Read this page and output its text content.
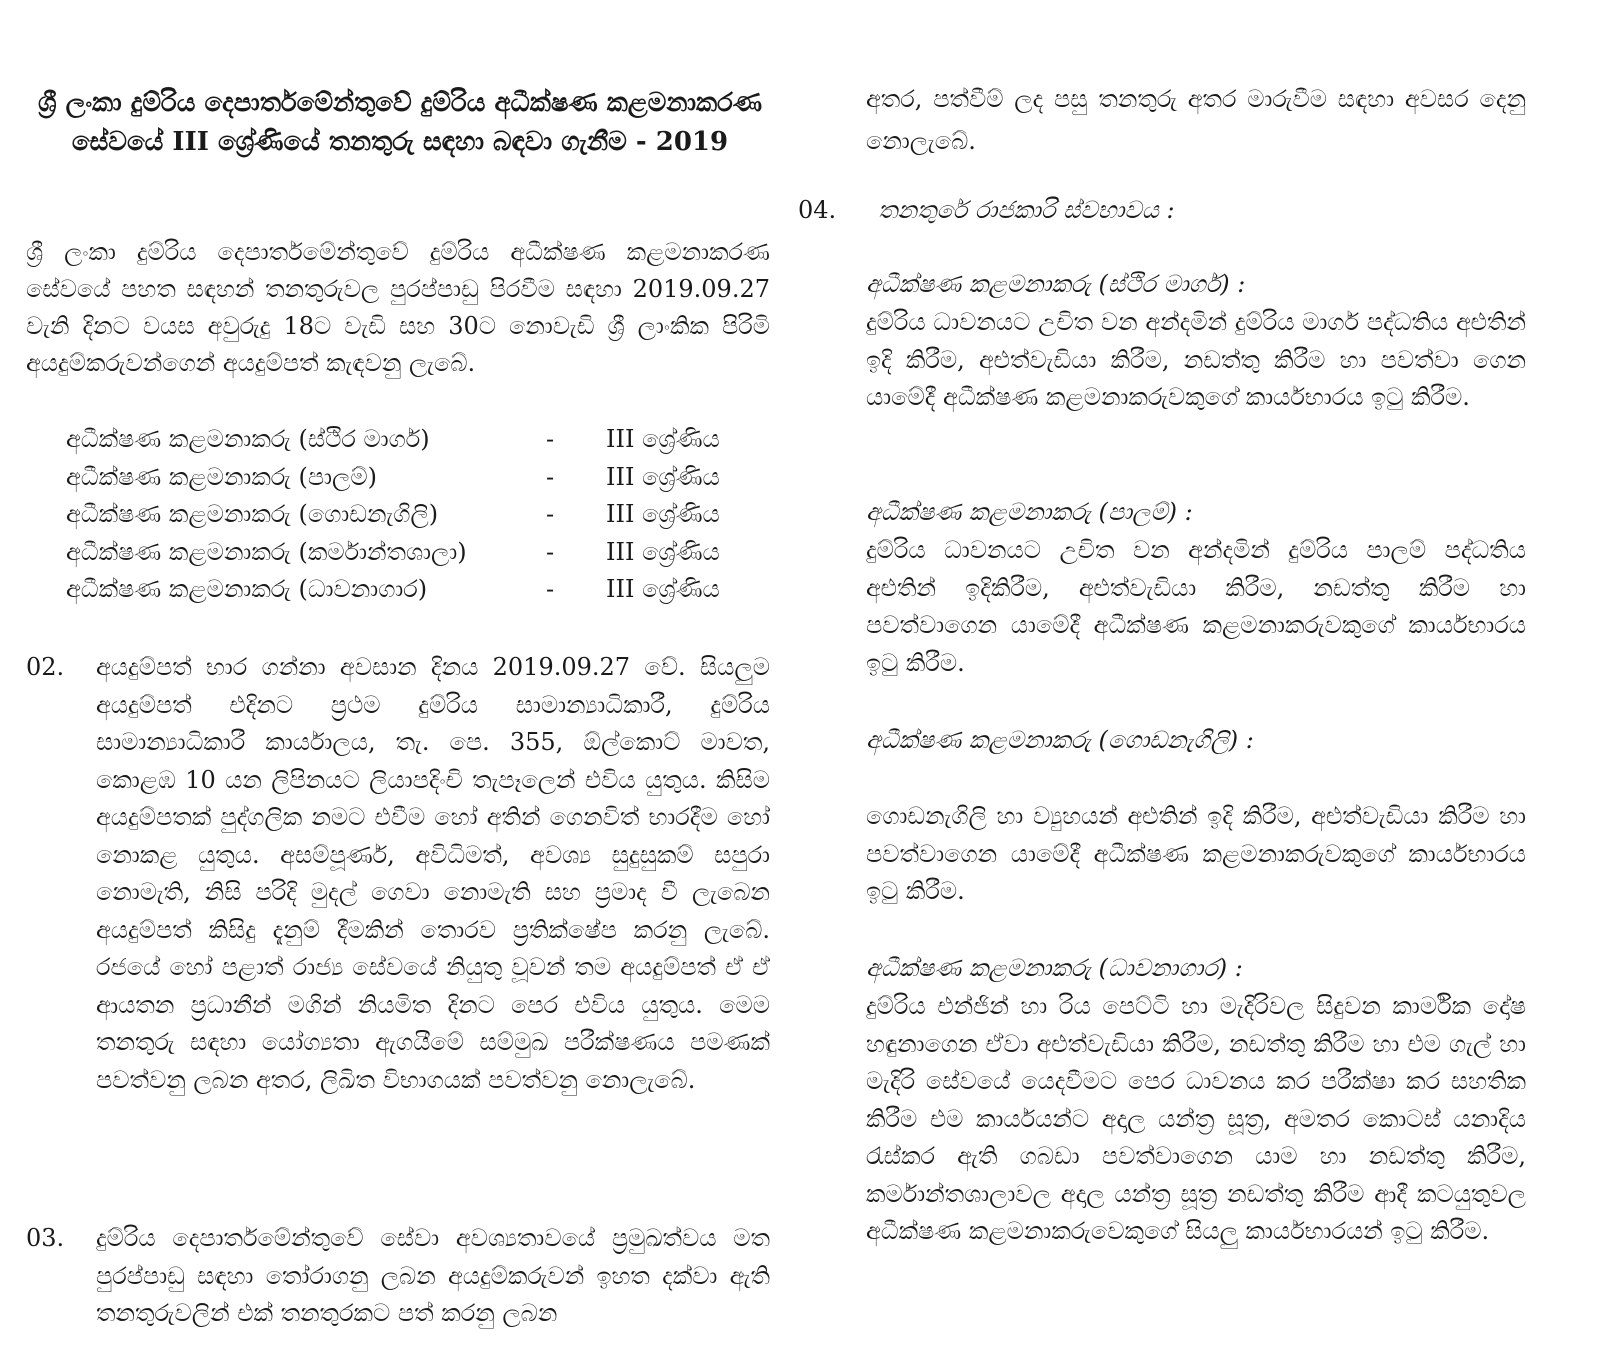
ශ්‍රී ලංකා දුම්රිය දෙපාර්තමේන්තුවේ දුම්රිය අධීක්ෂණ කළමනාකරණ සේවයේ III ශ්‍රේණියේ තනතුරු සඳහා බඳවා ගැනීම - 2019
ශ්‍රී ලංකා දුම්රිය දෙපාර්තමේන්තුවේ දුම්රිය අධීක්ෂණ කළමනාකරණ සේවයේ පහත සඳහන් තනතුරුවල පුරප්පාඩු පිරවීම සඳහා 2019.09.27 වැනි දිනට වයස අවුරුදු 18ට වැඩි සහ 30ට නොවැඩි ශ්‍රී ලාංකික පිරිමි අයදුම්කරුවන්ගෙන් අයදුම්පත් කැඳවනු ලැබේ.
අධීක්ෂණ කළමනාකරු (ස්ථිර මාර්ග)	-	III ශ්‍රේණිය
අධීක්ෂණ කළමනාකරු (පාලම්)	-	III ශ්‍රේණිය
අධීක්ෂණ කළමනාකරු (ගොඩනැගිලි)	-	III ශ්‍රේණිය
අධීක්ෂණ කළමනාකරු (කර්මාන්තශාලා)	-	III ශ්‍රේණිය
අධීක්ෂණ කළමනාකරු (ධාවනාගාර)	-	III ශ්‍රේණිය
02. අයදුම්පත් භාර ගන්නා අවසාන දිනය 2019.09.27 වේ. සියලුම අයදුම්පත් එදිනට ප්‍රථම දුම්රිය සාමාන්‍යාධිකාරී, දුම්රිය සාමාන්‍යාධිකාරී කාර්යාලය, තැ. පෙ. 355, ඕල්කොට් මාවත, කොළඹ 10 යන ලිපිනයට ලියාපදිංචි තැපෑලෙන් එවිය යුතුය. කිසිම අයදුම්පතක් පුද්ගලික නමට එවීම හෝ අතින් ගෙනවිත් භාරදීම හෝ නොකළ යුතුය. අසම්පූර්ණ, අවිධිමත්, අවශ්‍ය සුදුසුකම් සපුරා නොමැති, නිසි පරිදි මුදල් ගෙවා නොමැති සහ ප්‍රමාද වී ලැබෙන අයදුම්පත් කිසිදු දැනුම් දීමකින් තොරව ප්‍රතික්ෂේප කරනු ලැබේ. රජයේ හෝ පළාත් රාජ්‍ය සේවයේ නියුතු වූවන් තම අයදුම්පත් ඒ ඒ ආයතන ප්‍රධානීන් මගින් නියමිත දිනට පෙර එවිය යුතුය. මෙම තනතුරු සඳහා යෝග්‍යතා ඇගයීමේ සම්මුඛ පරීක්ෂණය පමණක් පවත්වනු ලබන අතර, ලිඛිත විභාගයක් පවත්වනු නොලැබේ.
03. දුම්රිය දෙපාර්තමේන්තුවේ සේවා අවශ්‍යතාවයේ ප්‍රමුඛත්වය මත පුරප්පාඩු සඳහා තෝරාගනු ලබන අයදුම්කරුවන් ඉහත දක්වා ඇති තනතුරුවලින් එක් තනතුරකට පත් කරනු ලබන
අතර, පත්වීම් ලද පසු තනතුරු අතර මාරුවීම සඳහා අවසර දෙනු නොලැබේ.
04. තනතුරේ රාජකාරි ස්වභාවය :
අධීක්ෂණ කළමනාකරු (ස්ථිර මාර්ග) :
දුම්රිය ධාවනයට උචිත වන අන්දමින් දුම්රිය මාර්ග පද්ධතිය අළුතින් ඉදි කිරීම, අළුත්වැඩියා කිරීම, නඩත්තු කිරීම හා පවත්වා ගෙන යාමේදී අධීක්ෂණ කළමනාකරුවකුගේ කාර්යභාරය ඉටු කිරීම.
අධීක්ෂණ කළමනාකරු (පාලම්) :
දුම්රිය ධාවනයට උචිත වන අන්දමින් දුම්රිය පාලම් පද්ධතිය අළුතින් ඉදිකිරීම, අළුත්වැඩියා කිරීම, නඩත්තු කිරීම හා පවත්වාගෙන යාමේදී අධීක්ෂණ කළමනාකරුවකුගේ කාර්යභාරය ඉටු කිරීම.
අධීක්ෂණ කළමනාකරු (ගොඩනැගිලි) :
ගොඩනැගිලි හා ව්‍යුහයන් අළුතින් ඉදි කිරීම, අළුත්වැඩියා කිරීම හා පවත්වාගෙන යාමේදී අධීක්ෂණ කළමනාකරුවකුගේ කාර්යභාරය ඉටු කිරීම.
අධීක්ෂණ කළමනාකරු (ධාවනාගාර) :
දුම්රිය එන්ජින් හා රිය පෙට්ටි හා මැදිරිවල සිදුවන කාර්මික දෝෂ හඳුනාගෙන ඒවා අළුත්වැඩියා කිරීම, නඩත්තු කිරීම හා එම ගැල් හා මැදිරි සේවයේ යෙදවීමට පෙර ධාවනය කර පරීක්ෂා කර සහතික කිරීම එම කාර්යයන්ට අදාල යන්ත්‍ර සූත්‍ර, අමතර කොටස් යනාදිය රැස්කර ඇති ගබඩා පවත්වාගෙන යාම හා නඩත්තු කිරීම, කර්මාන්තශාලාවල අදාල යන්ත්‍ර සූත්‍ර නඩත්තු කිරීම ආදී කටයුතුවල අධීක්ෂණ කළමනාකරුවෙකුගේ සියලු කාර්යභාරයන් ඉටු කිරීම.
